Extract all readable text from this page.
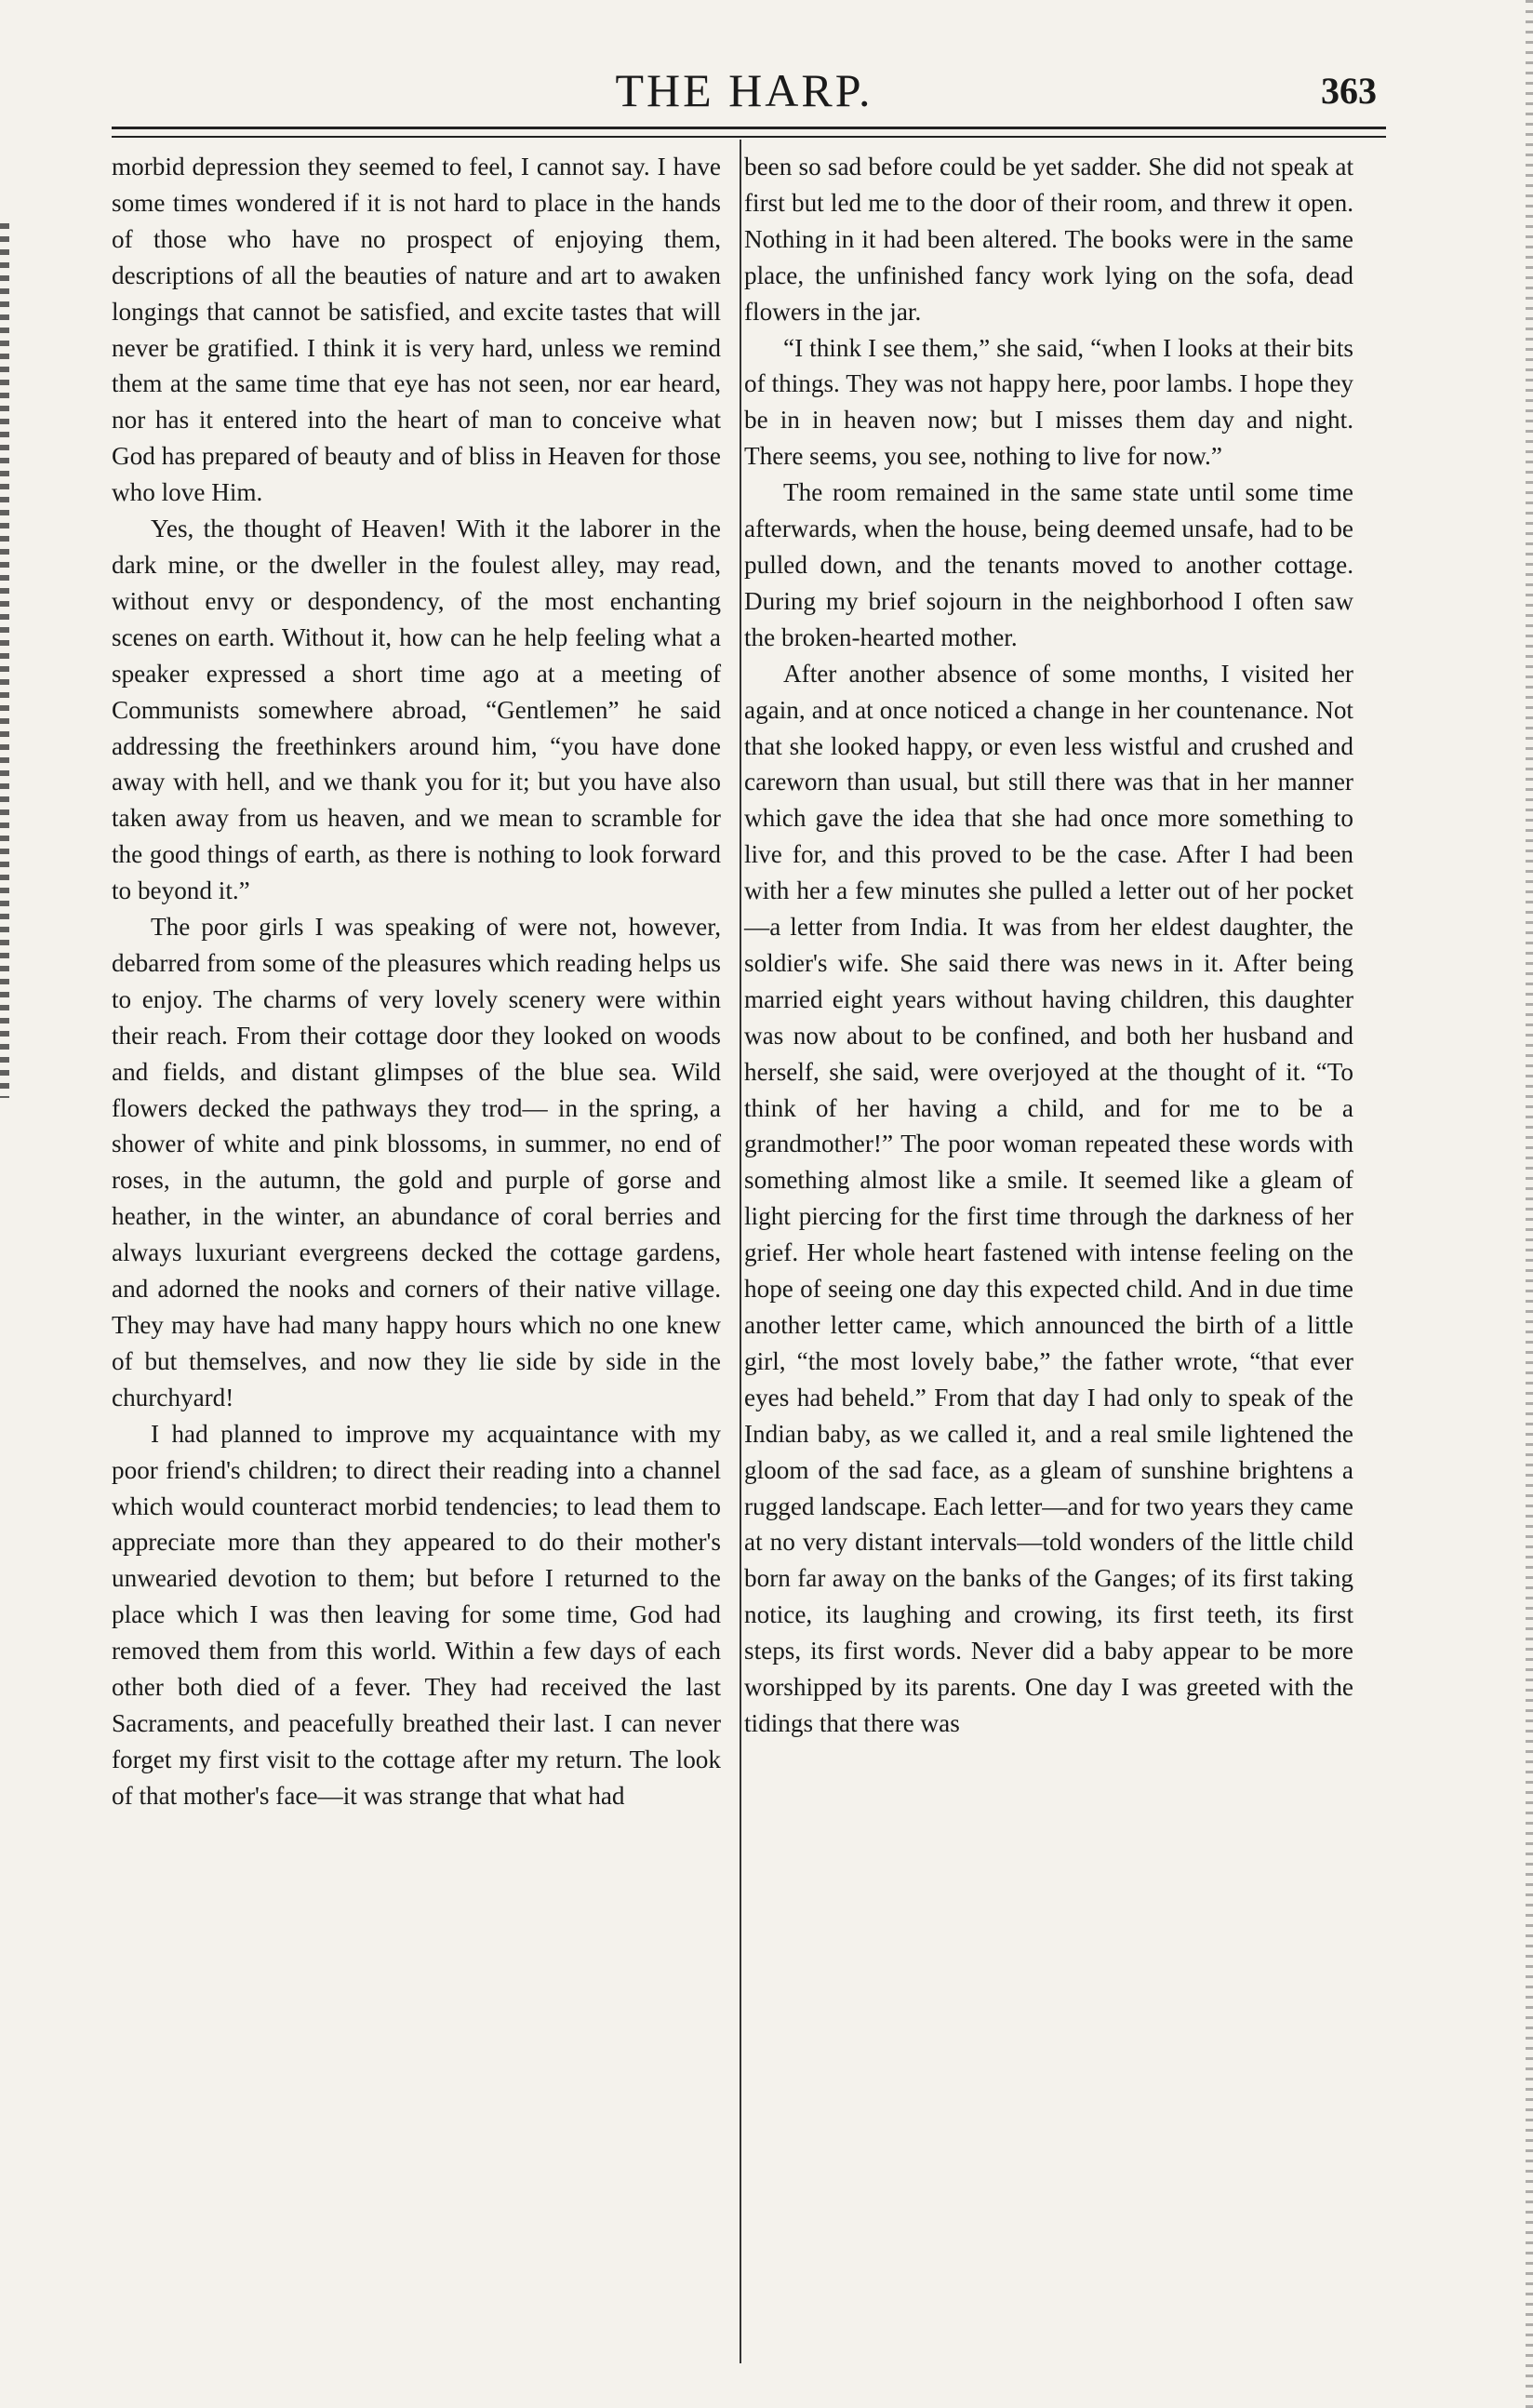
THE HARP.	363

morbid depression they seemed to feel, I cannot say. I have some times wondered if it is not hard to place in the hands of those who have no prospect of enjoying them, descriptions of all the beauties of nature and art to awaken longings that cannot be satisfied, and excite tastes that will never be gratified. I think it is very hard, unless we remind them at the same time that eye has not seen, nor ear heard, nor has it entered into the heart of man to conceive what God has prepared of beauty and of bliss in Heaven for those who love Him.

Yes, the thought of Heaven! With it the laborer in the dark mine, or the dweller in the foulest alley, may read, without envy or despondency, of the most enchanting scenes on earth. Without it, how can he help feeling what a speaker expressed a short time ago at a meeting of Communists somewhere abroad, “Gentlemen” he said addressing the freethinkers around him, “you have done away with hell, and we thank you for it; but you have also taken away from us heaven, and we mean to scramble for the good things of earth, as there is nothing to look forward to beyond it.”

The poor girls I was speaking of were not, however, debarred from some of the pleasures which reading helps us to enjoy. The charms of very lovely scenery were within their reach. From their cottage door they looked on woods and fields, and distant glimpses of the blue sea. Wild flowers decked the pathways they trod— in the spring, a shower of white and pink blossoms, in summer, no end of roses, in the autumn, the gold and purple of gorse and heather, in the winter, an abundance of coral berries and always luxuriant evergreens decked the cottage gardens, and adorned the nooks and corners of their native village. They may have had many happy hours which no one knew of but themselves, and now they lie side by side in the churchyard!

I had planned to improve my acquaintance with my poor friend's children; to direct their reading into a channel which would counteract morbid tendencies; to lead them to appreciate more than they appeared to do their mother's unwearied devotion to them; but before I returned to the place which I was then leaving for some time, God had removed them from this world. Within a few days of each other both died of a fever. They had received the last Sacraments, and peacefully breathed their last. I can never forget my first visit to the cottage after my return. The look of that mother's face—it was strange that what had

been so sad before could be yet sadder. She did not speak at first but led me to the door of their room, and threw it open. Nothing in it had been altered. The books were in the same place, the unfinished fancy work lying on the sofa, dead flowers in the jar.

“I think I see them,” she said, “when I looks at their bits of things. They was not happy here, poor lambs. I hope they be in in heaven now; but I misses them day and night. There seems, you see, nothing to live for now.”

The room remained in the same state until some time afterwards, when the house, being deemed unsafe, had to be pulled down, and the tenants moved to another cottage. During my brief sojourn in the neighborhood I often saw the broken-hearted mother.

After another absence of some months, I visited her again, and at once noticed a change in her countenance. Not that she looked happy, or even less wistful and crushed and careworn than usual, but still there was that in her manner which gave the idea that she had once more something to live for, and this proved to be the case. After I had been with her a few minutes she pulled a letter out of her pocket—a letter from India. It was from her eldest daughter, the soldier's wife. She said there was news in it. After being married eight years without having children, this daughter was now about to be confined, and both her husband and herself, she said, were overjoyed at the thought of it. “To think of her having a child, and for me to be a grandmother!” The poor woman repeated these words with something almost like a smile. It seemed like a gleam of light piercing for the first time through the darkness of her grief. Her whole heart fastened with intense feeling on the hope of seeing one day this expected child. And in due time another letter came, which announced the birth of a little girl, “the most lovely babe,” the father wrote, “that ever eyes had beheld.” From that day I had only to speak of the Indian baby, as we called it, and a real smile lightened the gloom of the sad face, as a gleam of sunshine brightens a rugged landscape. Each letter—and for two years they came at no very distant intervals—told wonders of the little child born far away on the banks of the Ganges; of its first taking notice, its laughing and crowing, its first teeth, its first steps, its first words. Never did a baby appear to be more worshipped by its parents. One day I was greeted with the tidings that there was
